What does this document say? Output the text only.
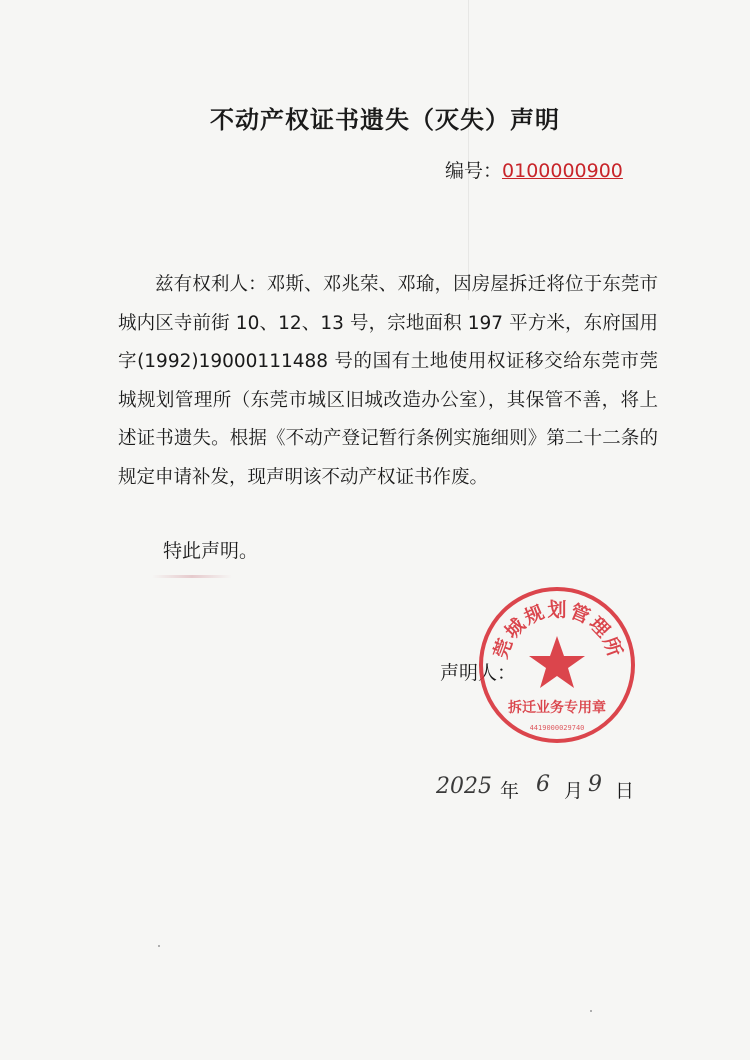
不动产权证书遗失（灭失）声明
编号：0100000900

兹有权利人：邓斯、邓兆荣、邓瑜，因房屋拆迁将位于东莞市城内区寺前街 10、12、13 号，宗地面积 197 平方米，东府国用字(1992)19000111488 号的国有土地使用权证移交给东莞市莞城规划管理所（东莞市城区旧城改造办公室），其保管不善，将上述证书遗失。根据《不动产登记暂行条例实施细则》第二十二条的规定申请补发，现声明该不动产权证书作废。

特此声明。
声明人：
莞城规划管理所
拆迁业务专用章
4419000029740
2025 年 6 月 9 日
